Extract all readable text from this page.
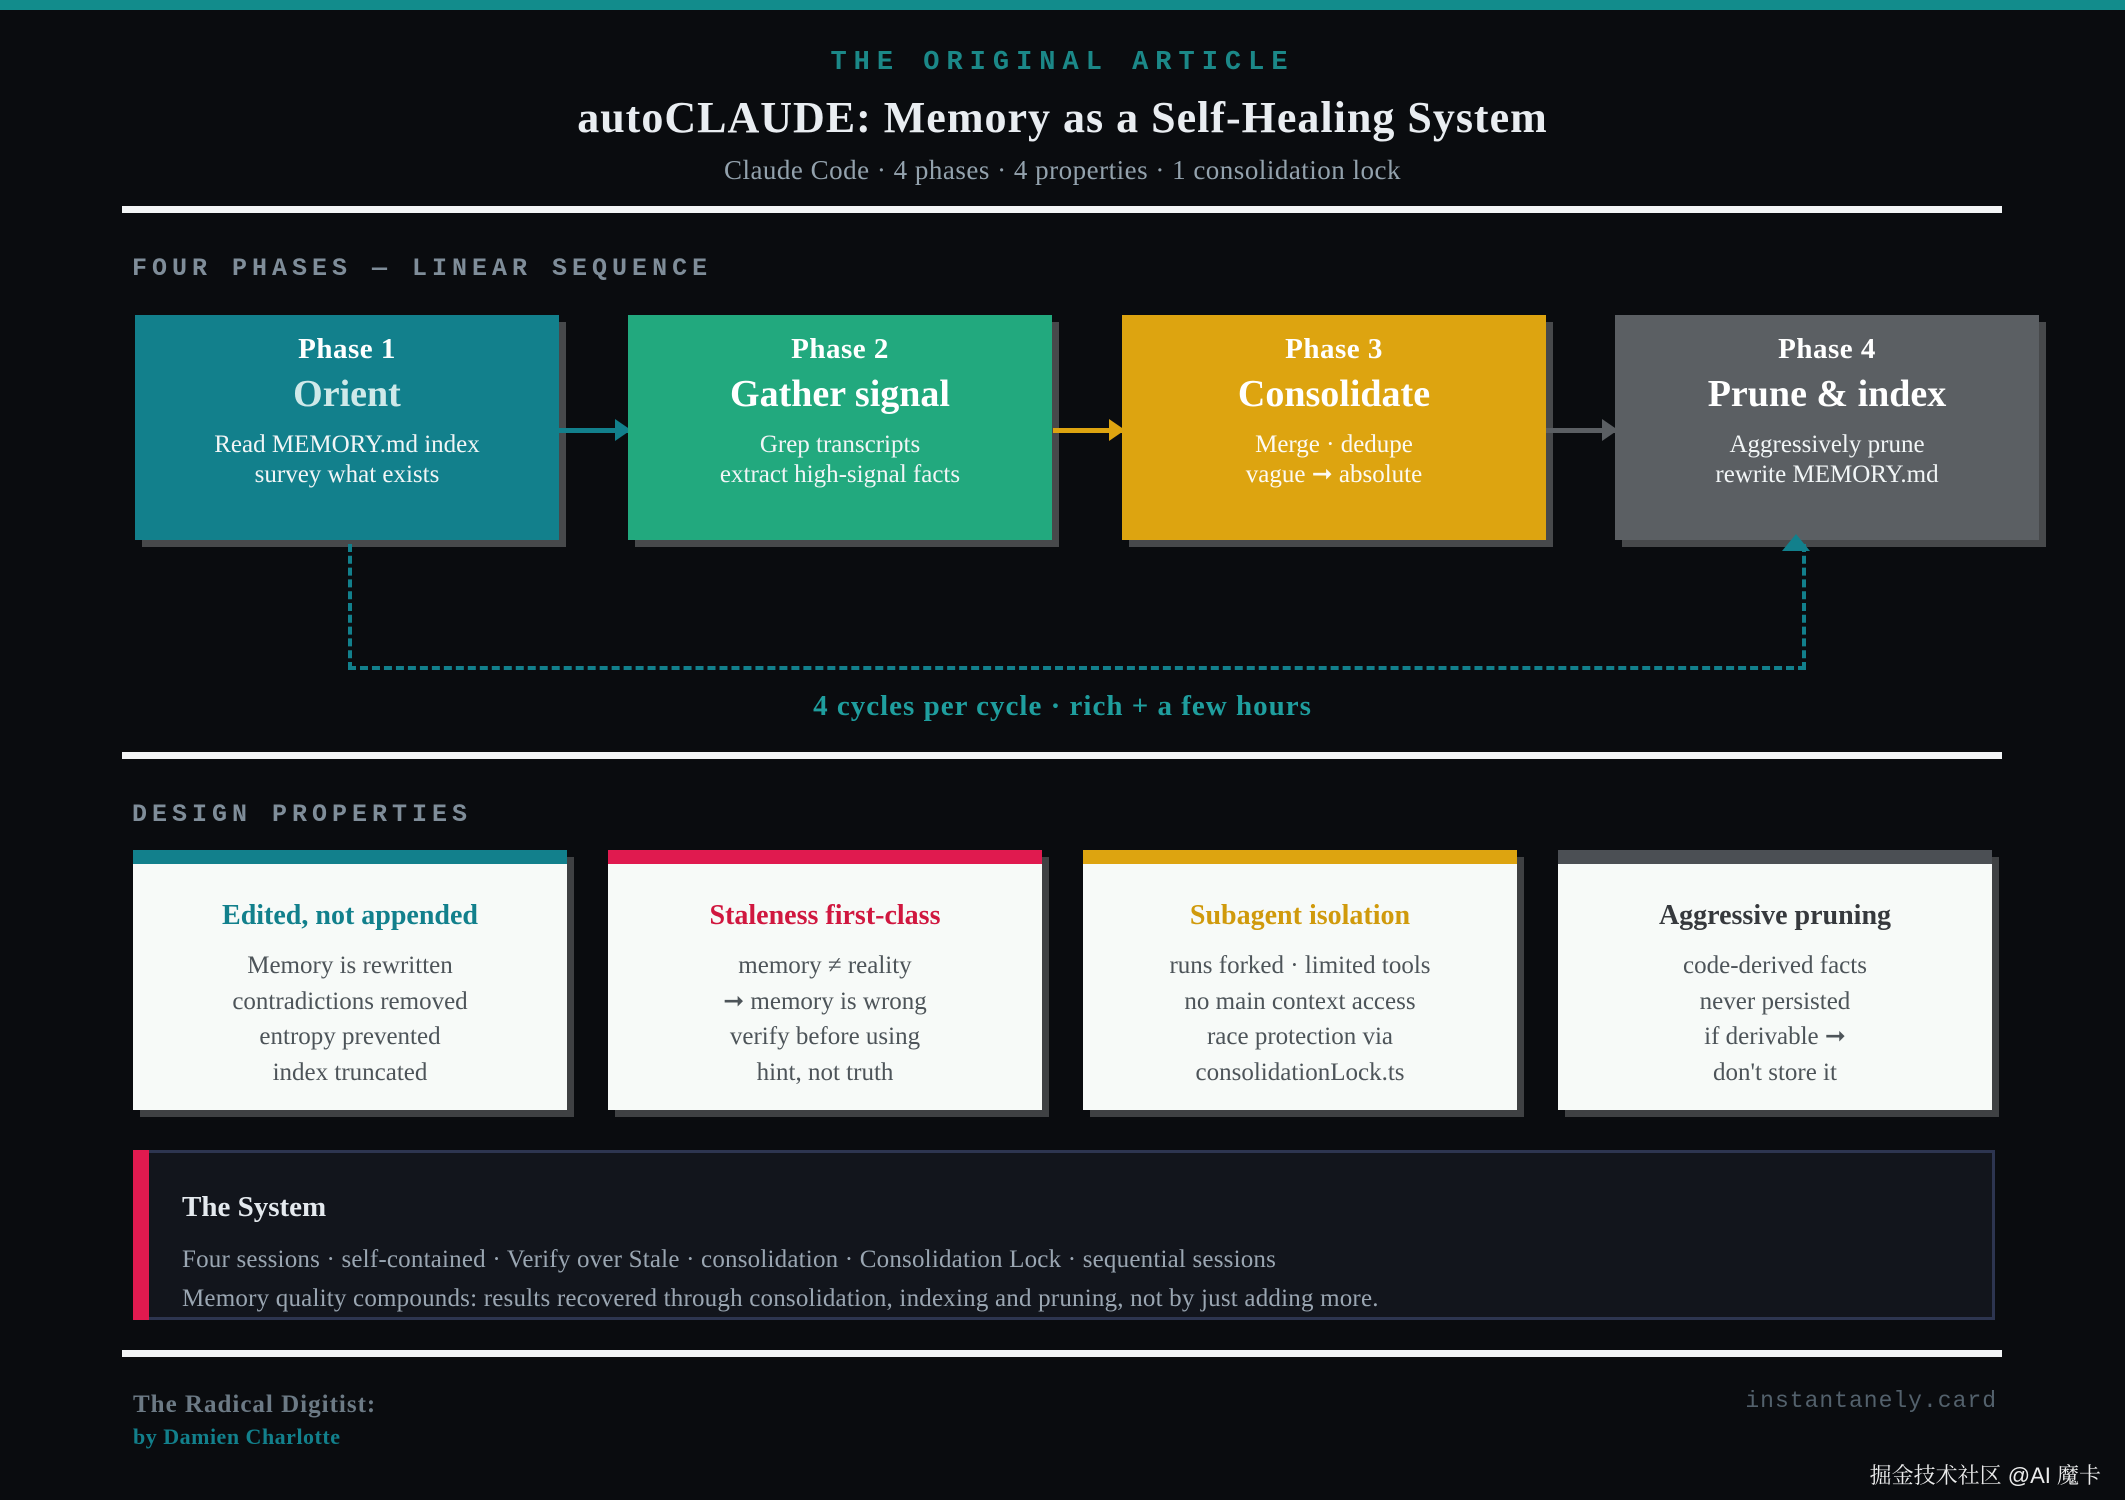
THE ORIGINAL ARTICLE
autoCLAUDE: Memory as a Self-Healing System
Claude Code · 4 phases · 4 properties · 1 consolidation lock
FOUR PHASES — LINEAR SEQUENCE
Phase 1
Orient
Read MEMORY.md index
survey what exists
Phase 2
Gather signal
Grep transcripts
extract high-signal facts
Phase 3
Consolidate
Merge · dedupe
vague ➞ absolute
Phase 4
Prune & index
Aggressively prune
rewrite MEMORY.md
4 cycles per cycle · rich + a few hours
DESIGN PROPERTIES
Edited, not appended
Memory is rewritten
contradictions removed
entropy prevented
index truncated
Staleness first-class
memory ≠ reality
➞ memory is wrong
verify before using
hint, not truth
Subagent isolation
runs forked · limited tools
no main context access
race protection via
consolidationLock.ts
Aggressive pruning
code-derived facts
never persisted
if derivable ➞
don't store it
The System
Four sessions · self-contained · Verify over Stale · consolidation · Consolidation Lock · sequential sessions
Memory quality compounds: results recovered through consolidation, indexing and pruning, not by just adding more.
The Radical Digitist:
by Damien Charlotte
instantanely.card
掘金技术社区 @AI 魔卡
